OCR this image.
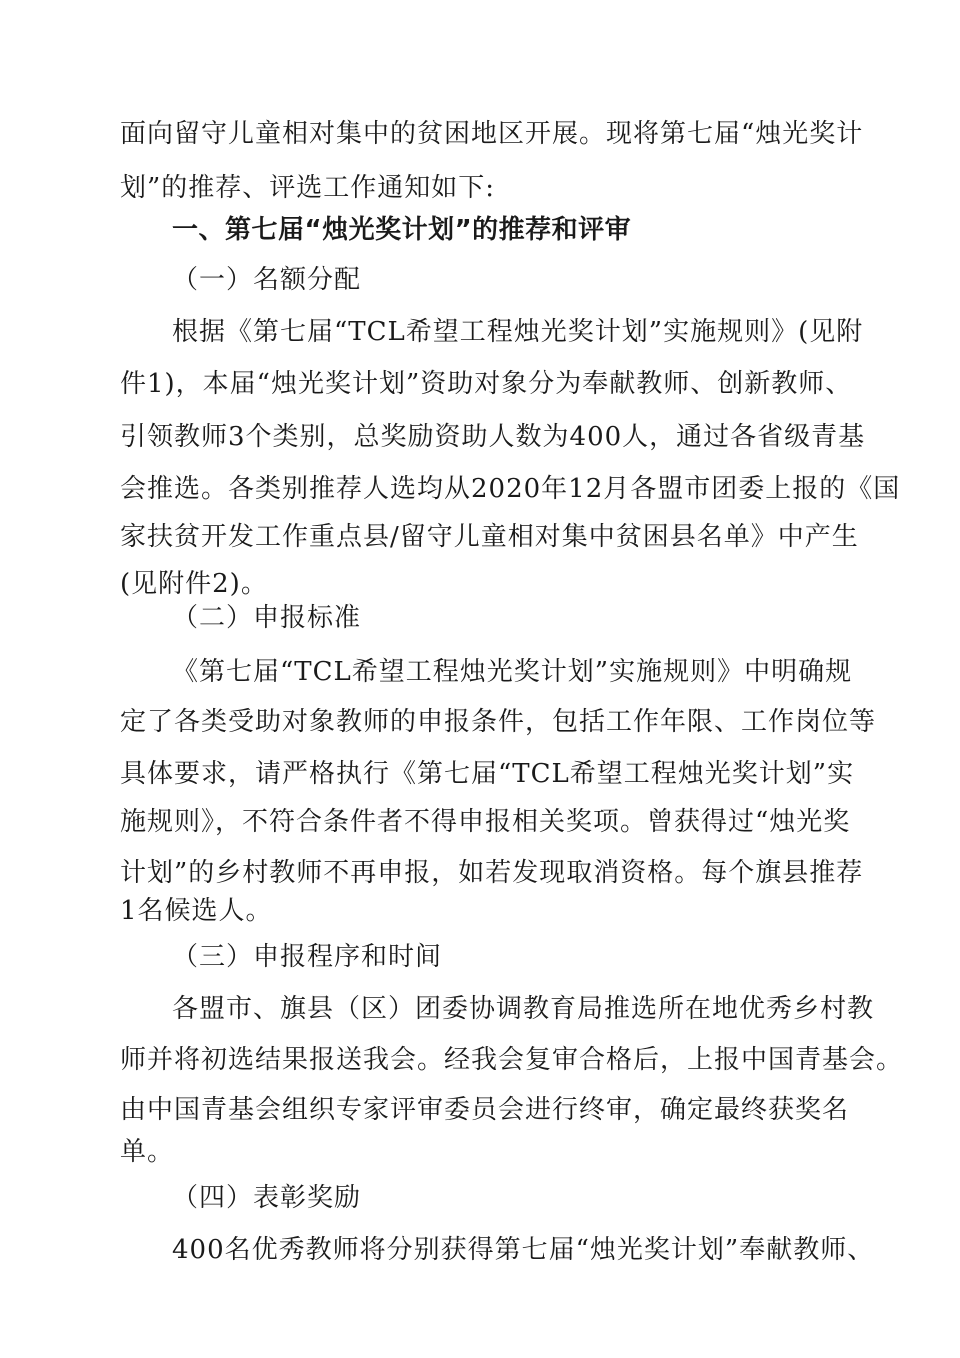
面向留守儿童相对集中的贫困地区开展。现将第七届“烛光奖计
划”的推荐、评选工作通知如下:
一、第七届“烛光奖计划”的推荐和评审
（一）名额分配
根据《第七届“TCL希望工程烛光奖计划”实施规则》(见附
件1)，本届“烛光奖计划”资助对象分为奉献教师、创新教师、
引领教师3个类别，总奖励资助人数为400人，通过各省级青基
会推选。各类别推荐人选均从2020年12月各盟市团委上报的《国
家扶贫开发工作重点县/留守儿童相对集中贫困县名单》中产生
(见附件2)。
（二）申报标准
《第七届“TCL希望工程烛光奖计划”实施规则》中明确规
定了各类受助对象教师的申报条件，包括工作年限、工作岗位等
具体要求，请严格执行《第七届“TCL希望工程烛光奖计划”实
施规则》，不符合条件者不得申报相关奖项。曾获得过“烛光奖
计划”的乡村教师不再申报，如若发现取消资格。每个旗县推荐
1名候选人。
（三）申报程序和时间
各盟市、旗县（区）团委协调教育局推选所在地优秀乡村教
师并将初选结果报送我会。经我会复审合格后，上报中国青基会。
由中国青基会组织专家评审委员会进行终审，确定最终获奖名
单。
（四）表彰奖励
400名优秀教师将分别获得第七届“烛光奖计划”奉献教师、
